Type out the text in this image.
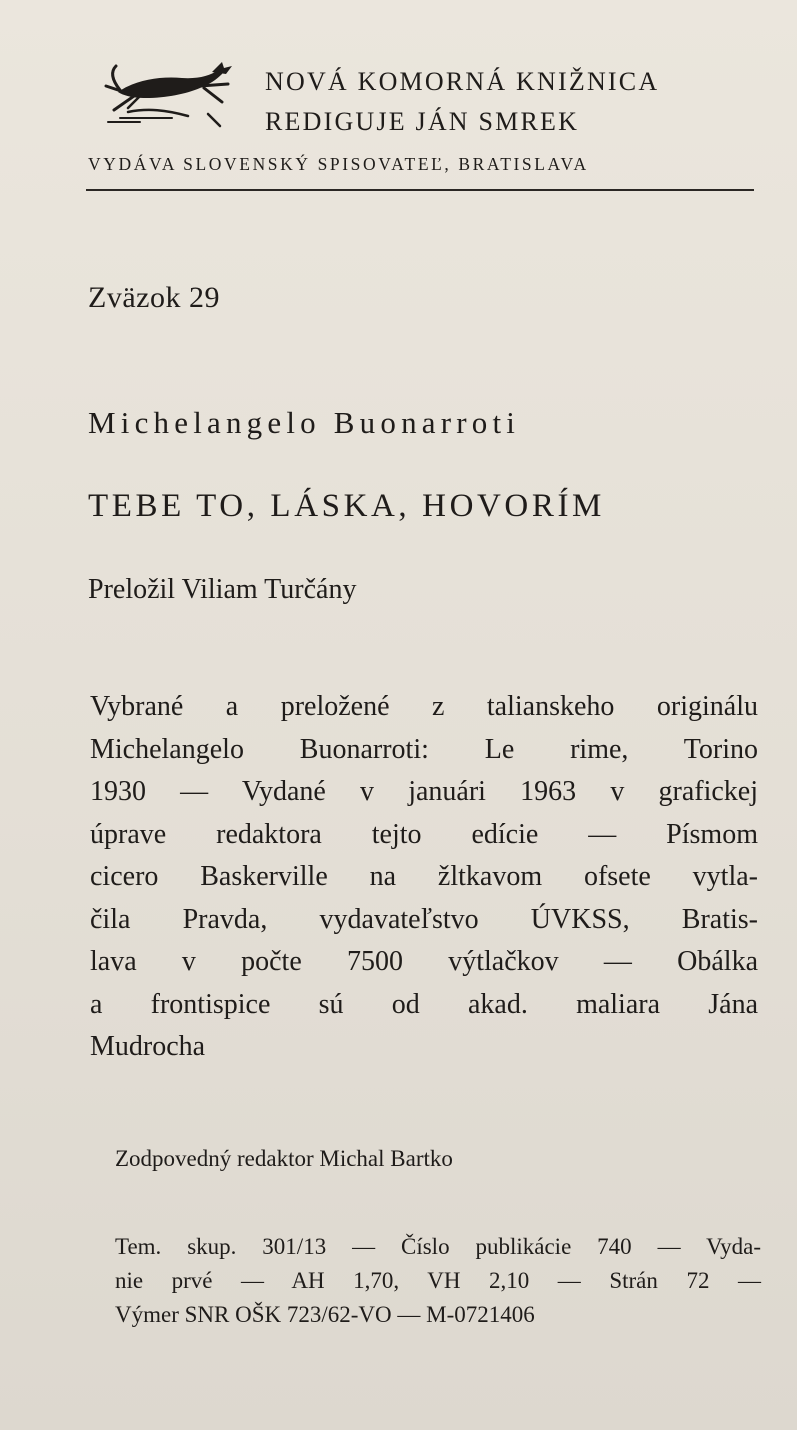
NOVÁ KOMORNÁ KNIŽNICA
REDIGUJE JÁN SMREK
VYDÁVA SLOVENSKÝ SPISOVATEĽ, BRATISLAVA
Zväzok 29
Michelangelo Buonarroti
TEBE TO, LÁSKA, HOVORÍM
Preložil Viliam Turčány
Vybrané a preložené z talianskeho originálu
Michelangelo Buonarroti: Le rime, Torino
1930 — Vydané v januári 1963 v grafickej
úprave redaktora tejto edície — Písmom
cicero Baskerville na žltkavom ofsete vytla-
čila Pravda, vydavateľstvo ÚVKSS, Bratis-
lava v počte 7500 výtlačkov — Obálka
a frontispice sú od akad. maliara Jána
Mudrocha
Zodpovedný redaktor Michal Bartko
Tem. skup. 301/13 — Číslo publikácie 740 — Vyda-
nie prvé — AH 1,70, VH 2,10 — Strán 72 —
Výmer SNR OŠK 723/62-VO — M-0721406
